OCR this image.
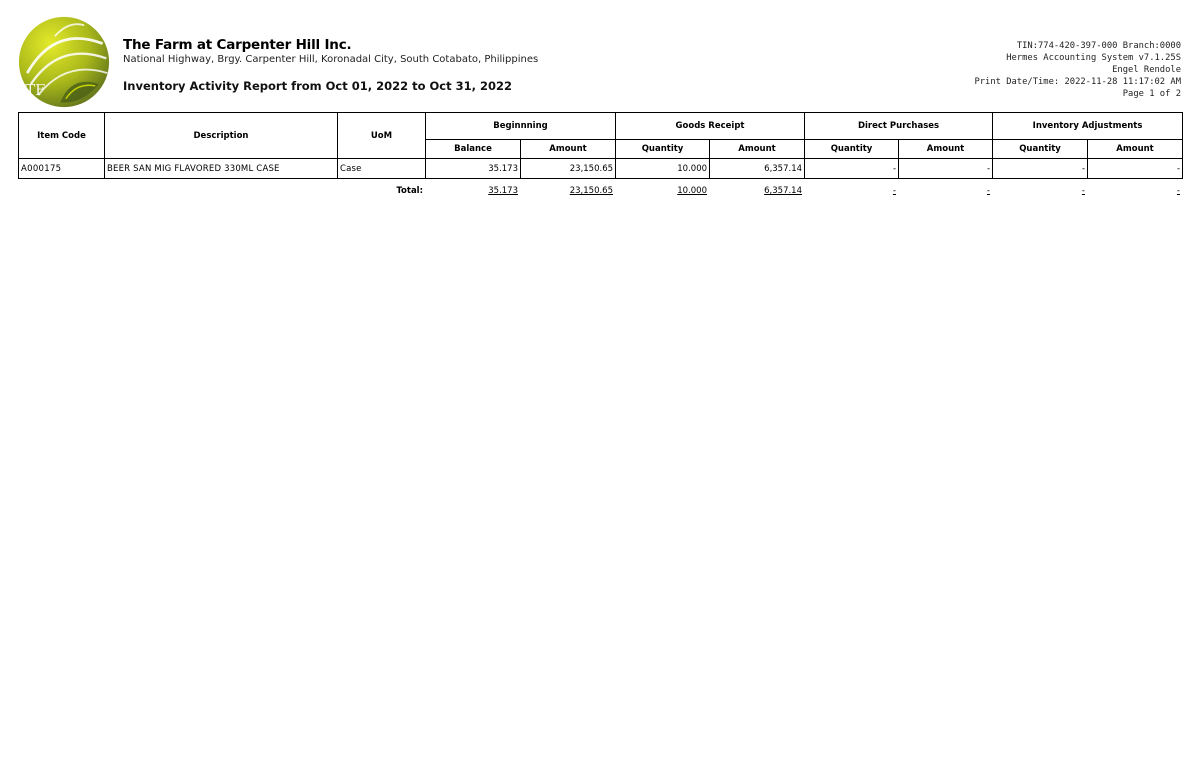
TF
The Farm at Carpenter Hill Inc.
National Highway, Brgy. Carpenter Hill, Koronadal City, South Cotabato, Philippines
Inventory Activity Report from Oct 01, 2022 to Oct 31, 2022
TIN:774-420-397-000 Branch:0000
Hermes Accounting System v7.1.25S
Engel Rendole
Print Date/Time: 2022-11-28 11:17:02 AM
Page 1 of 2
Item Code	Description	UoM	Beginnning		Goods Receipt		Direct Purchases		Inventory Adjustments	
			Balance	Amount	Quantity	Amount	Quantity	Amount	Quantity	Amount
A000175	BEER SAN MIG FLAVORED 330ML CASE	Case	35.173	23,150.65	10.000	6,357.14	-	-	-	-
		Total:	35.173	23,150.65	10.000	6,357.14	-	-	-	-
